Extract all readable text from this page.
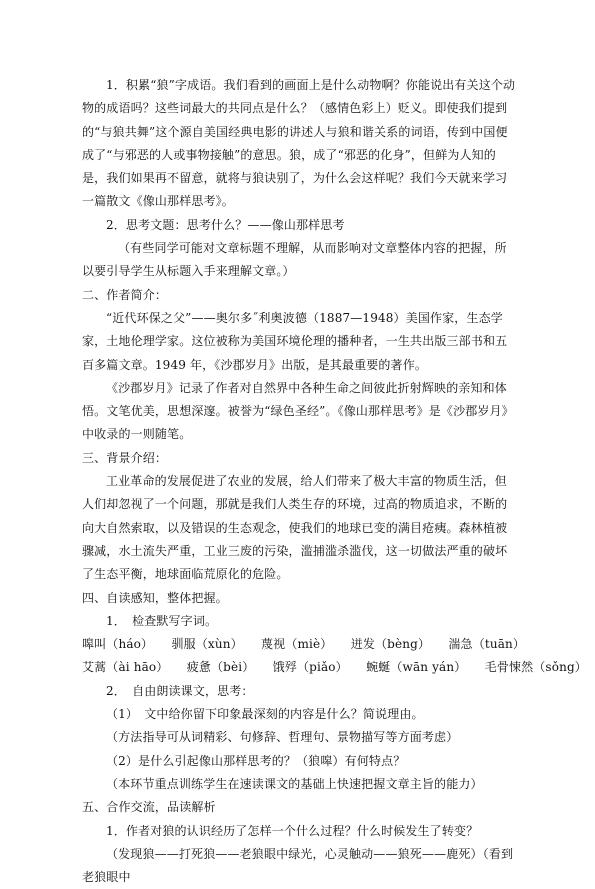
1．积累“狼”字成语。我们看到的画面上是什么动物啊？你能说出有关这个动物的成语吗？这些词最大的共同点是什么？（感情色彩上）贬义。即使我们提到的“与狼共舞”这个源自美国经典电影的讲述人与狼和谐关系的词语，传到中国便成了“与邪恶的人或事物接触”的意思。狼，成了“邪恶的化身”，但鲜为人知的是，我们如果再不留意，就将与狼诀别了，为什么会这样呢？我们今天就来学习一篇散文《像山那样思考》。

2．思考文题：思考什么？——像山那样思考

（有些同学可能对文章标题不理解，从而影响对文章整体内容的把握，所以要引导学生从标题入手来理解文章。）

二、作者简介：

“近代环保之父”——奥尔多˝利奥波德（1887—1948）美国作家，生态学家，土地伦理学家。这位被称为美国环境伦理的播种者，一生共出版三部书和五百多篇文章。1949 年，《沙郡岁月》出版，是其最重要的著作。

《沙郡岁月》记录了作者对自然界中各种生命之间彼此折射辉映的亲知和体悟。文笔优美，思想深邃。被誉为“绿色圣经”。《像山那样思考》是《沙郡岁月》中收录的一则随笔。

三、背景介绍：

工业革命的发展促进了农业的发展，给人们带来了极大丰富的物质生活，但人们却忽视了一个问题，那就是我们人类生存的环境，过高的物质追求，不断的向大自然索取，以及错误的生态观念，使我们的地球已变的满目疮痍。森林植被骤减，水土流失严重，工业三废的污染，滥捕滥杀滥伐，这一切做法严重的破坏了生态平衡，地球面临荒原化的危险。

四、自读感知，整体把握。

1．　检查默写字词。

嗥叫（háo）　　驯服（xùn）　　蔑视（miè）　　迸发（bèng）　　湍急（tuān）

艾蒿（ài hāo）　　疲惫（bèi）　　饿殍（piǎo）　　蜿蜒（wān yán）　　毛骨悚然（sǒng）

2．　自由朗读课文，思考：

（1）　文中给你留下印象最深刻的内容是什么？简说理由。

（方法指导可从词精彩、句修辞、哲理句、景物描写等方面考虑）

（2）是什么引起像山那样思考的？（狼嗥）有何特点？

（本环节重点训练学生在速读课文的基础上快速把握文章主旨的能力）

五、合作交流，品读解析

1．作者对狼的认识经历了怎样一个什么过程？什么时候发生了转变？

（发现狼——打死狼——老狼眼中绿光，心灵触动——狼死——鹿死）（看到老狼眼中
